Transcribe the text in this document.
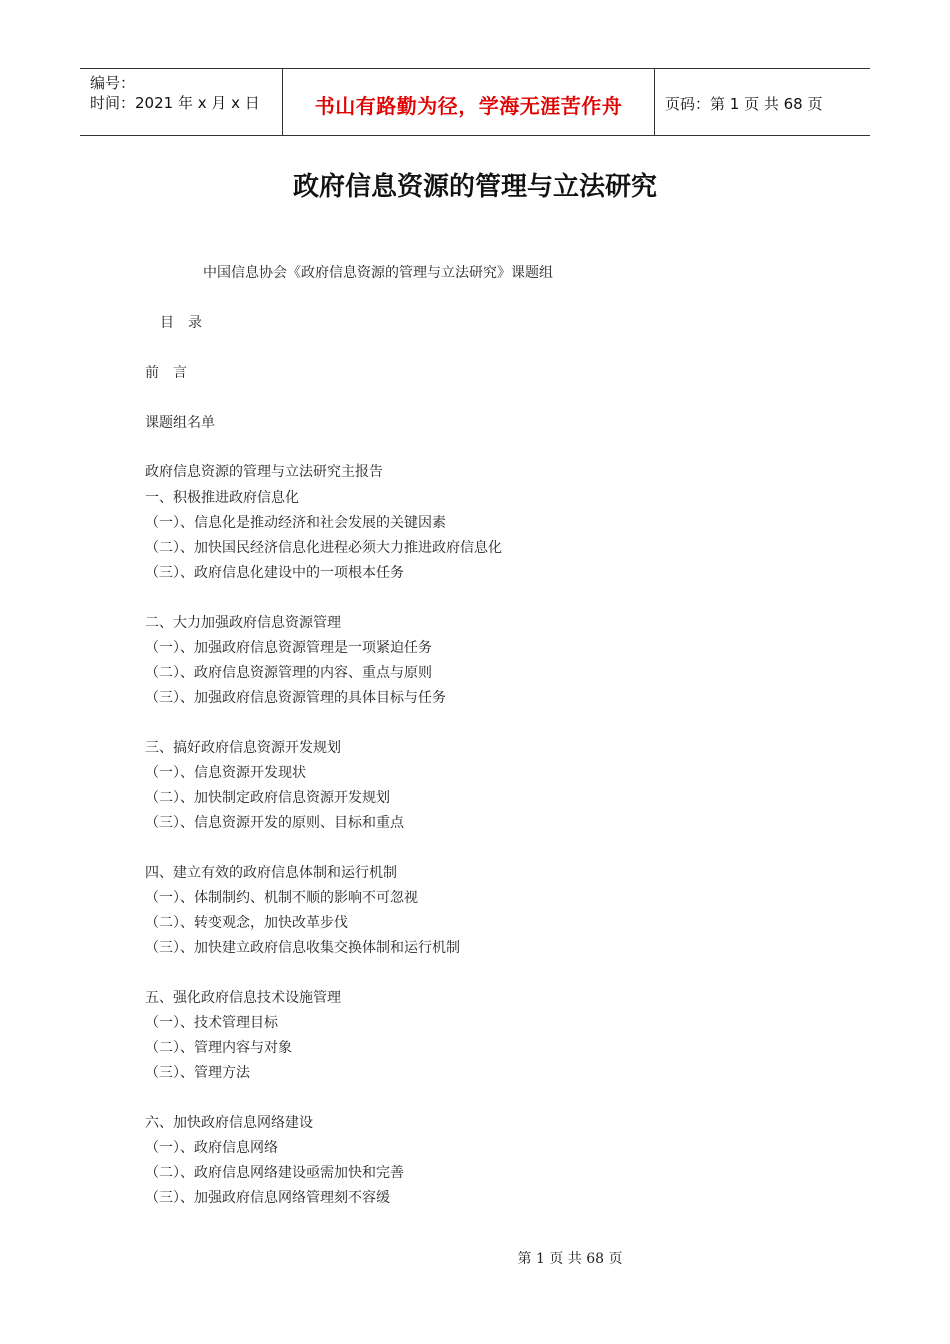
编号：
时间：2021 年 x 月 x 日	书山有路勤为径，学海无涯苦作舟	页码：第 1 页 共 68 页
政府信息资源的管理与立法研究
中国信息协会《政府信息资源的管理与立法研究》课题组
目　录
前　言
课题组名单
政府信息资源的管理与立法研究主报告
一、积极推进政府信息化
（一）、信息化是推动经济和社会发展的关键因素
（二）、加快国民经济信息化进程必须大力推进政府信息化
（三）、政府信息化建设中的一项根本任务
二、大力加强政府信息资源管理
（一）、加强政府信息资源管理是一项紧迫任务
（二）、政府信息资源管理的内容、重点与原则
（三）、加强政府信息资源管理的具体目标与任务
三、搞好政府信息资源开发规划
（一）、信息资源开发现状
（二）、加快制定政府信息资源开发规划
（三）、信息资源开发的原则、目标和重点
四、建立有效的政府信息体制和运行机制
（一）、体制制约、机制不顺的影响不可忽视
（二）、转变观念，加快改革步伐
（三）、加快建立政府信息收集交换体制和运行机制
五、强化政府信息技术设施管理
（一）、技术管理目标
（二）、管理内容与对象
（三）、管理方法
六、加快政府信息网络建设
（一）、政府信息网络
（二）、政府信息网络建设亟需加快和完善
（三）、加强政府信息网络管理刻不容缓
第 1 页 共 68 页
